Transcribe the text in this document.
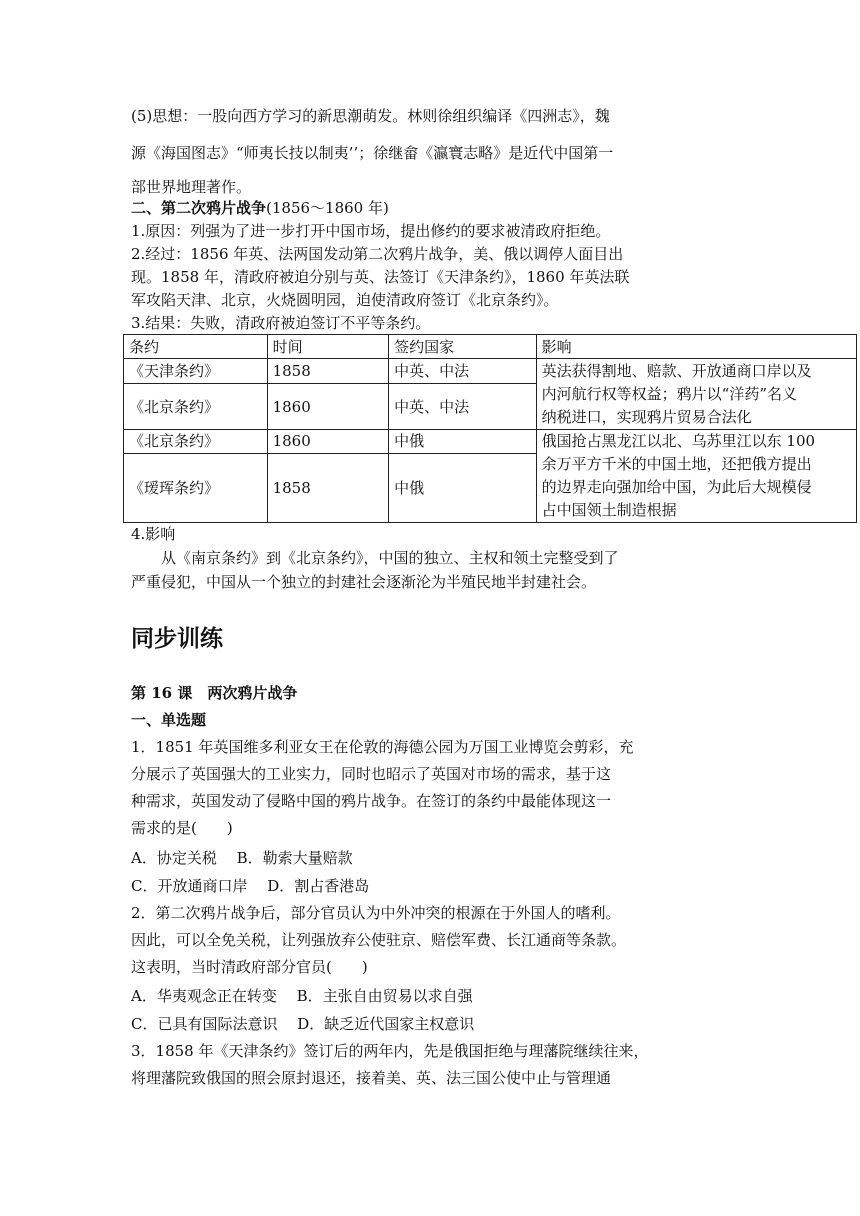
(5)思想：一股向西方学习的新思潮萌发。林则徐组织编译《四洲志》，魏
源《海国图志》“师夷长技以制夷’’；徐继畲《瀛寰志略》是近代中国第一
部世界地理著作。
二、第二次鸦片战争(1856～1860 年)
1.原因：列强为了进一步打开中国市场，提出修约的要求被清政府拒绝。
2.经过：1856 年英、法两国发动第二次鸦片战争，美、俄以调停人面目出
现。1858 年，清政府被迫分别与英、法签订《天津条约》，1860 年英法联
军攻陷天津、北京，火烧圆明园，迫使清政府签订《北京条约》。
3.结果：失败，清政府被迫签订不平等条约。
条约	时间	签约国家	影响
《天津条约》	1858	中英、中法	英法获得割地、赔款、开放通商口岸以及
内河航行权等权益；鸦片以“洋药”名义
纳税进口，实现鸦片贸易合法化

《北京条约》	1860	中英、中法	
《北京条约》	1860	中俄	俄国抢占黑龙江以北、乌苏里江以东 100
余万平方千米的中国土地，还把俄方提出
的边界走向强加给中国，为此后大规模侵
占中国领土制造根据

《瑷珲条约》	1858	中俄	
4.影响
从《南京条约》到《北京条约》，中国的独立、主权和领土完整受到了
严重侵犯，中国从一个独立的封建社会逐渐沦为半殖民地半封建社会。
同步训练
第 16 课　两次鸦片战争
一、单选题
1．1851 年英国维多利亚女王在伦敦的海德公园为万国工业博览会剪彩，充
分展示了英国强大的工业实力，同时也昭示了英国对市场的需求，基于这
种需求，英国发动了侵略中国的鸦片战争。在签订的条约中最能体现这一
需求的是(　　)
A．协定关税　 B．勒索大量赔款
C．开放通商口岸　 D．割占香港岛
2．第二次鸦片战争后，部分官员认为中外冲突的根源在于外国人的嗜利。
因此，可以全免关税，让列强放弃公使驻京、赔偿军费、长江通商等条款。
这表明，当时清政府部分官员(　　)
A．华夷观念正在转变　 B．主张自由贸易以求自强
C．已具有国际法意识　 D．缺乏近代国家主权意识
3．1858 年《天津条约》签订后的两年内，先是俄国拒绝与理藩院继续往来，
将理藩院致俄国的照会原封退还，接着美、英、法三国公使中止与管理通
